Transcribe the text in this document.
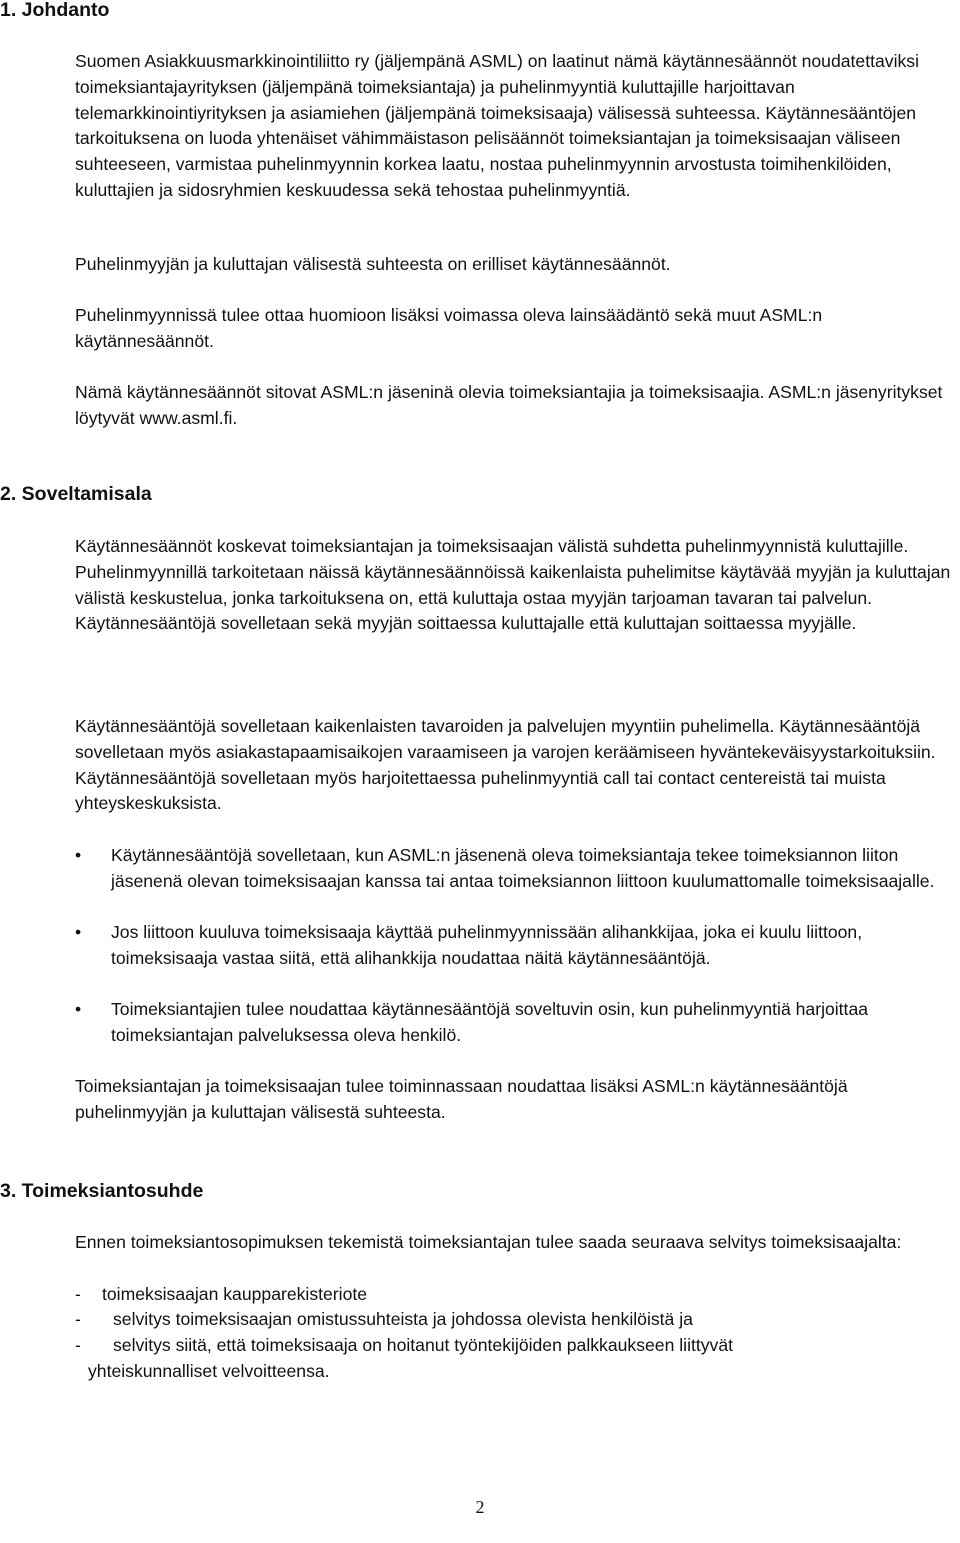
1. Johdanto

Suomen Asiakkuusmarkkinointiliitto ry (jäljempänä ASML) on laatinut nämä käytännesäännöt noudatettaviksi toimeksiantajayrityksen (jäljempänä toimeksiantaja) ja puhelinmyyntiä kuluttajille harjoittavan telemarkkinointiyrityksen ja asiamiehen (jäljempänä toimeksisaaja) välisessä suhteessa. Käytännesääntöjen tarkoituksena on luoda yhtenäiset vähimmäistason pelisäännöt toimeksiantajan ja toimeksisaajan väliseen suhteeseen, varmistaa puhelinmyynnin korkea laatu, nostaa puhelinmyynnin arvostusta toimihenkilöiden, kuluttajien ja sidosryhmien keskuudessa sekä tehostaa puhelinmyyntiä.

Puhelinmyyjän ja kuluttajan välisestä suhteesta on erilliset käytännesäännöt.

Puhelinmyynnissä tulee ottaa huomioon lisäksi voimassa oleva lainsäädäntö sekä muut ASML:n käytännesäännöt.

Nämä käytännesäännöt sitovat ASML:n jäseninä olevia toimeksiantajia ja toimeksisaajia. ASML:n jäsenyritykset löytyvät www.asml.fi.

2. Soveltamisala

Käytännesäännöt koskevat toimeksiantajan ja toimeksisaajan välistä suhdetta puhelinmyynnistä kuluttajille. Puhelinmyynnillä tarkoitetaan näissä käytännesäännöissä kaikenlaista puhelimitse käytävää myyjän ja kuluttajan välistä keskustelua, jonka tarkoituksena on, että kuluttaja ostaa myyjän tarjoaman tavaran tai palvelun. Käytännesääntöjä sovelletaan sekä myyjän soittaessa kuluttajalle että kuluttajan soittaessa myyjälle.

Käytännesääntöjä sovelletaan kaikenlaisten tavaroiden ja palvelujen myyntiin puhelimella. Käytännesääntöjä sovelletaan myös asiakastapaamisaikojen varaamiseen ja varojen keräämiseen hyväntekeväisyystarkoituksiin. Käytännesääntöjä sovelletaan myös harjoitettaessa puhelinmyyntiä call tai contact centereistä tai muista yhteyskeskuksista.

•	Käytännesääntöjä sovelletaan, kun ASML:n jäsenenä oleva toimeksiantaja tekee toimeksiannon liiton jäsenenä olevan toimeksisaajan kanssa tai antaa toimeksiannon liittoon kuulumattomalle toimeksisaajalle.
•	Jos liittoon kuuluva toimeksisaaja käyttää puhelinmyynnissään alihankkijaa, joka ei kuulu liittoon, toimeksisaaja vastaa siitä, että alihankkija noudattaa näitä käytännesääntöjä.
•	Toimeksiantajien tulee noudattaa käytännesääntöjä soveltuvin osin, kun puhelinmyyntiä harjoittaa toimeksiantajan palveluksessa oleva henkilö.

Toimeksiantajan ja toimeksisaajan tulee toiminnassaan noudattaa lisäksi ASML:n käytännesääntöjä puhelinmyyjän ja kuluttajan välisestä suhteesta.

3. Toimeksiantosuhde

Ennen toimeksiantosopimuksen tekemistä toimeksiantajan tulee saada seuraava selvitys toimeksisaajalta:

- toimeksisaajan kaupparekisteriote
- selvitys toimeksisaajan omistussuhteista ja johdossa olevista henkilöistä ja
- selvitys siitä, että toimeksisaaja on hoitanut työntekijöiden palkkaukseen liittyvät
yhteiskunnalliset velvoitteensa.
2
